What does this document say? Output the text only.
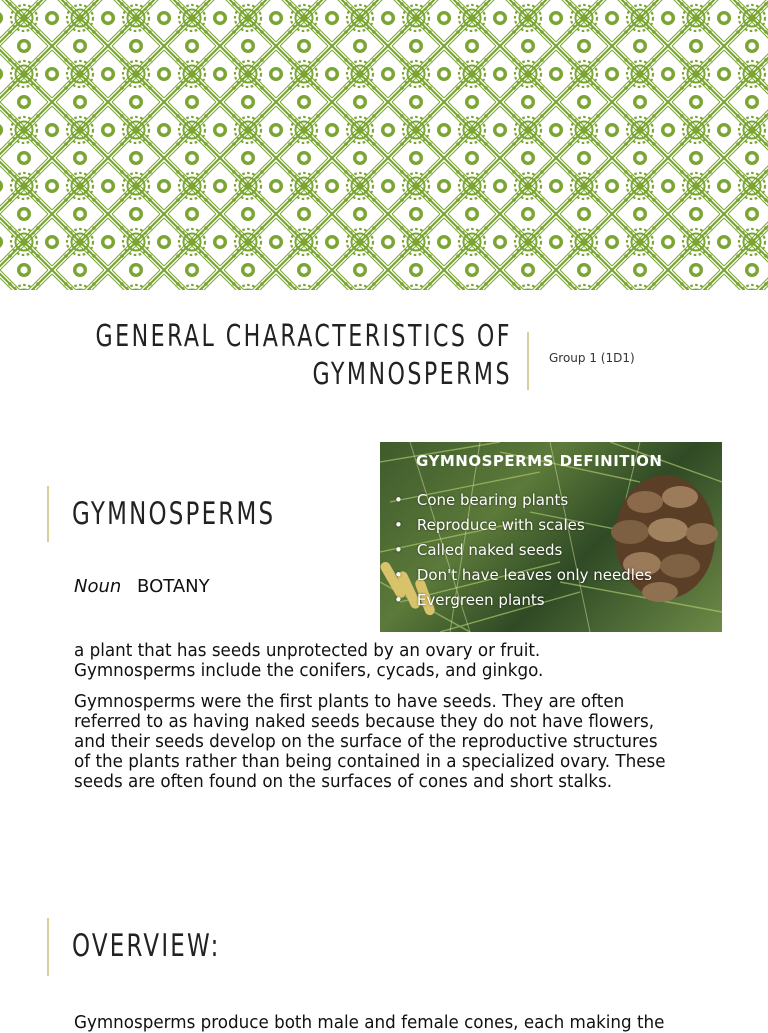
GENERAL CHARACTERISTICS OF
GYMNOSPERMS	Group 1 (1D1)
GYMNOSPERMS
Noun BOTANY
a plant that has seeds unprotected by an ovary or fruit. Gymnosperms include the conifers, cycads, and ginkgo.
Gymnosperms were the first plants to have seeds. They are often referred to as having naked seeds because they do not have flowers, and their seeds develop on the surface of the reproductive structures of the plants rather than being contained in a specialized ovary. These seeds are often found on the surfaces of cones and short stalks.
GYMNOSPERMS DEFINITION
• Cone bearing plants
• Reproduce with scales
• Called naked seeds
• Don't have leaves only needles
• Evergreen plants
OVERVIEW:
Gymnosperms produce both male and female cones, each making the
